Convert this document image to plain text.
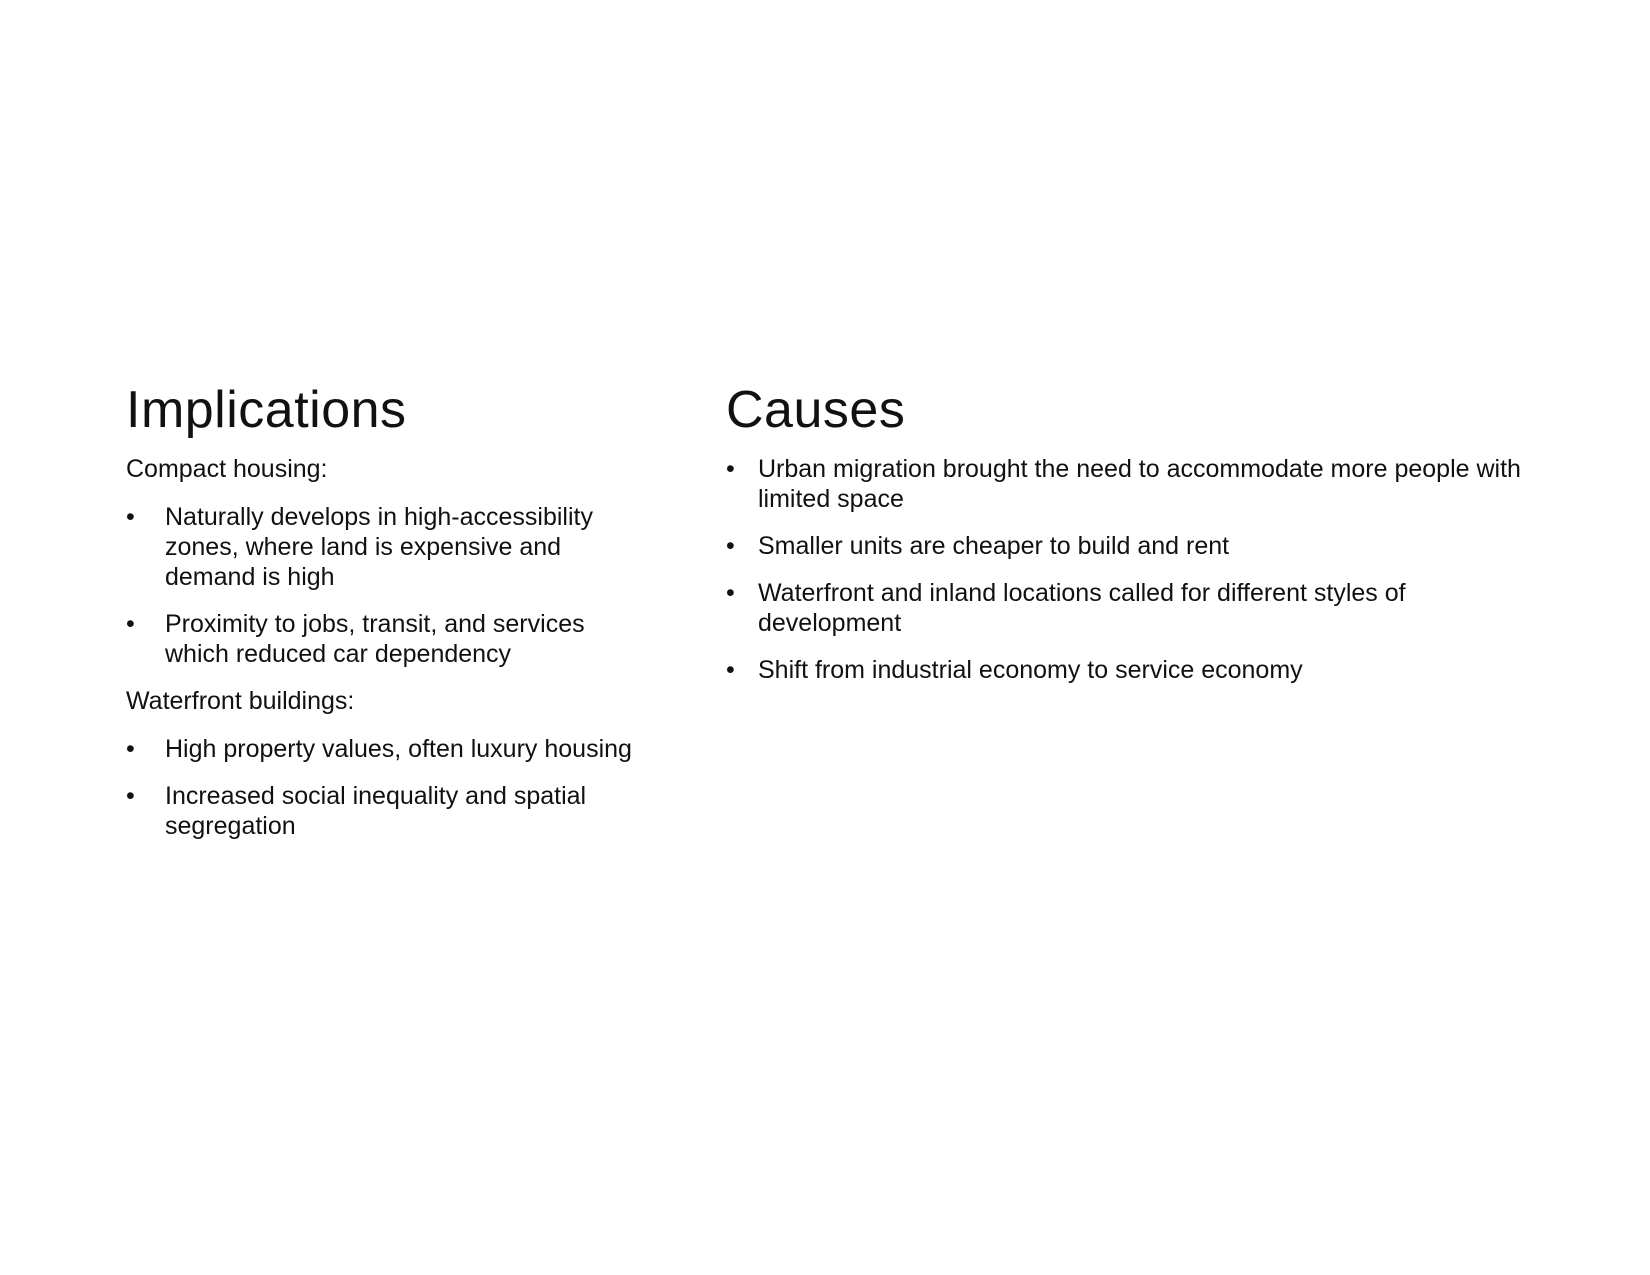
Implications
Compact housing:
•	Naturally develops in high-accessibility zones, where land is expensive and demand is high
•	Proximity to jobs, transit, and services which reduced car dependency
Waterfront buildings:
•	High property values, often luxury housing
•	Increased social inequality and spatial segregation
Causes
• Urban migration brought the need to accommodate more people with limited space
• Smaller units are cheaper to build and rent
• Waterfront and inland locations called for different styles of development
• Shift from industrial economy to service economy
